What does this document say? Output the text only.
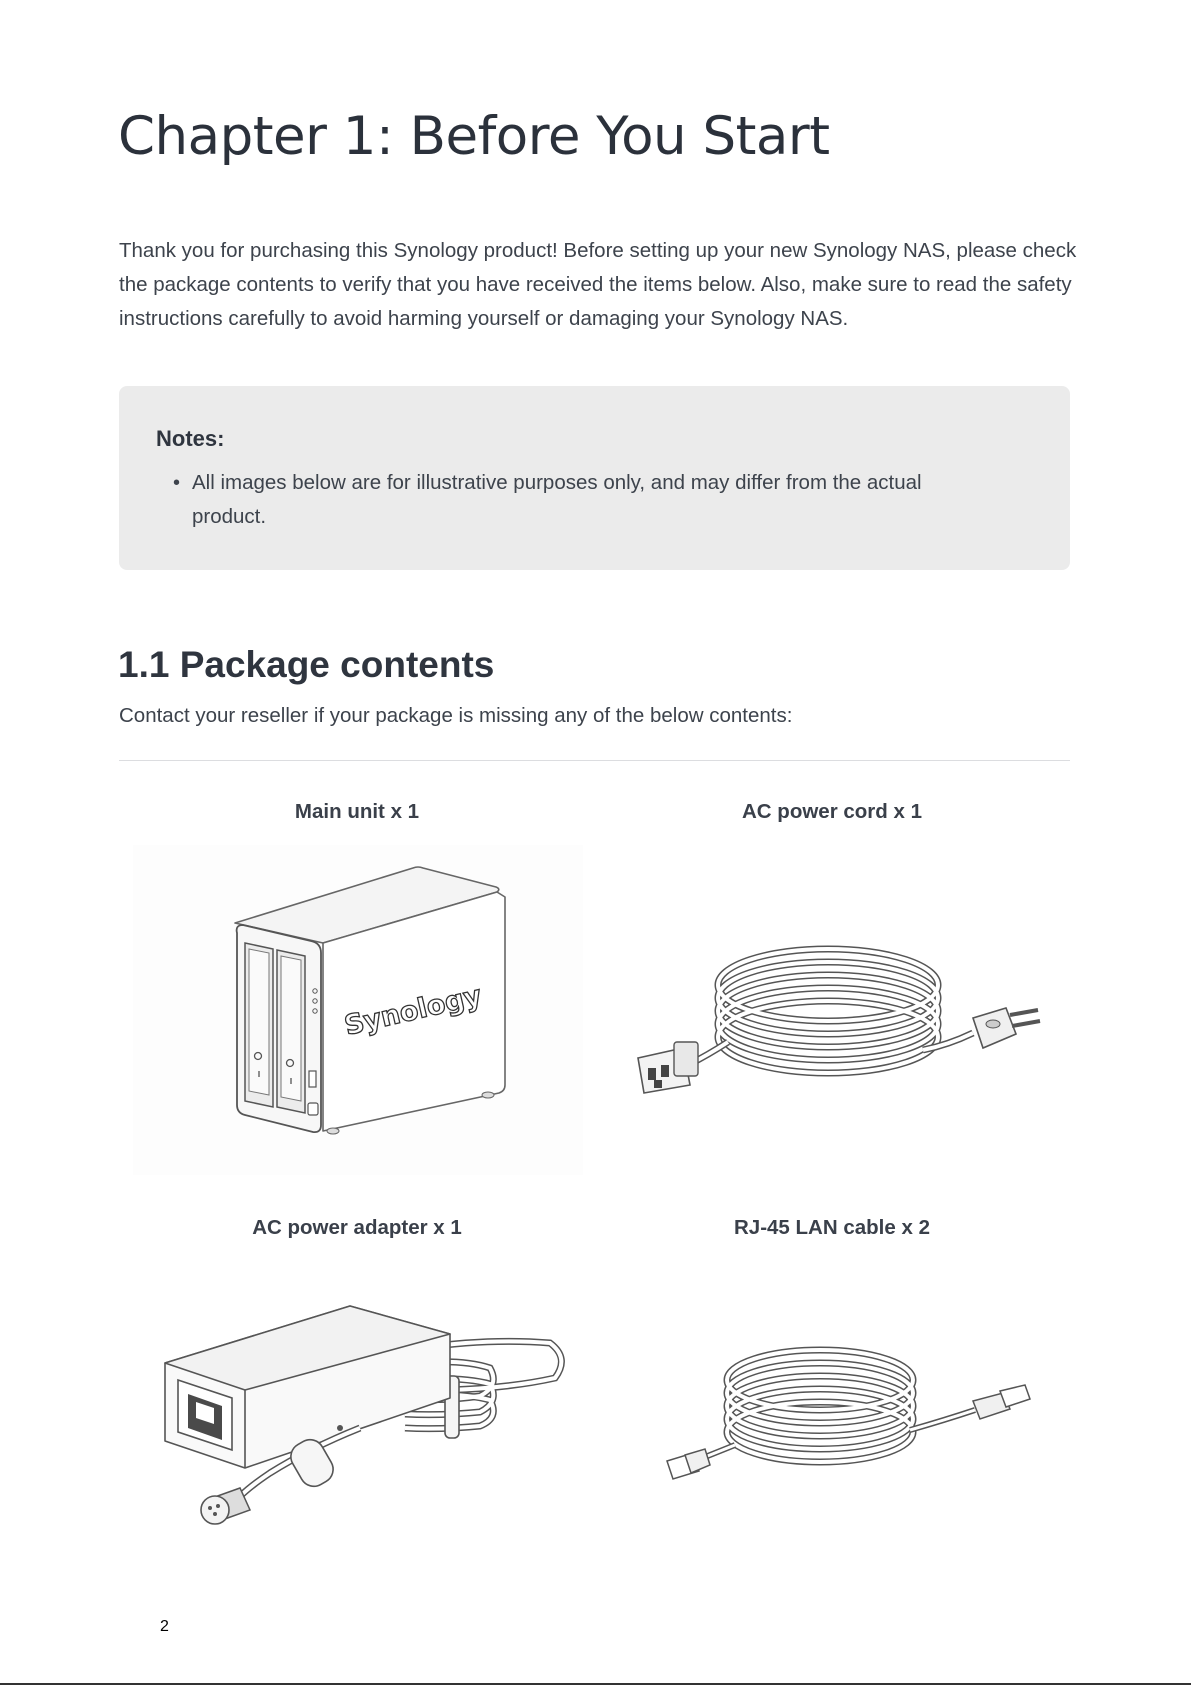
Chapter 1: Before You Start

Thank you for purchasing this Synology product! Before setting up your new Synology NAS, please check the package contents to verify that you have received the items below. Also, make sure to read the safety instructions carefully to avoid harming yourself or damaging your Synology NAS.

Notes:
• All images below are for illustrative purposes only, and may differ from the actual product.
1.1 Package contents

Contact your reseller if your package is missing any of the below contents:

Main unit x 1
Synology
AC power cord x 1
AC power adapter x 1	RJ-45 LAN cable x 2
2
